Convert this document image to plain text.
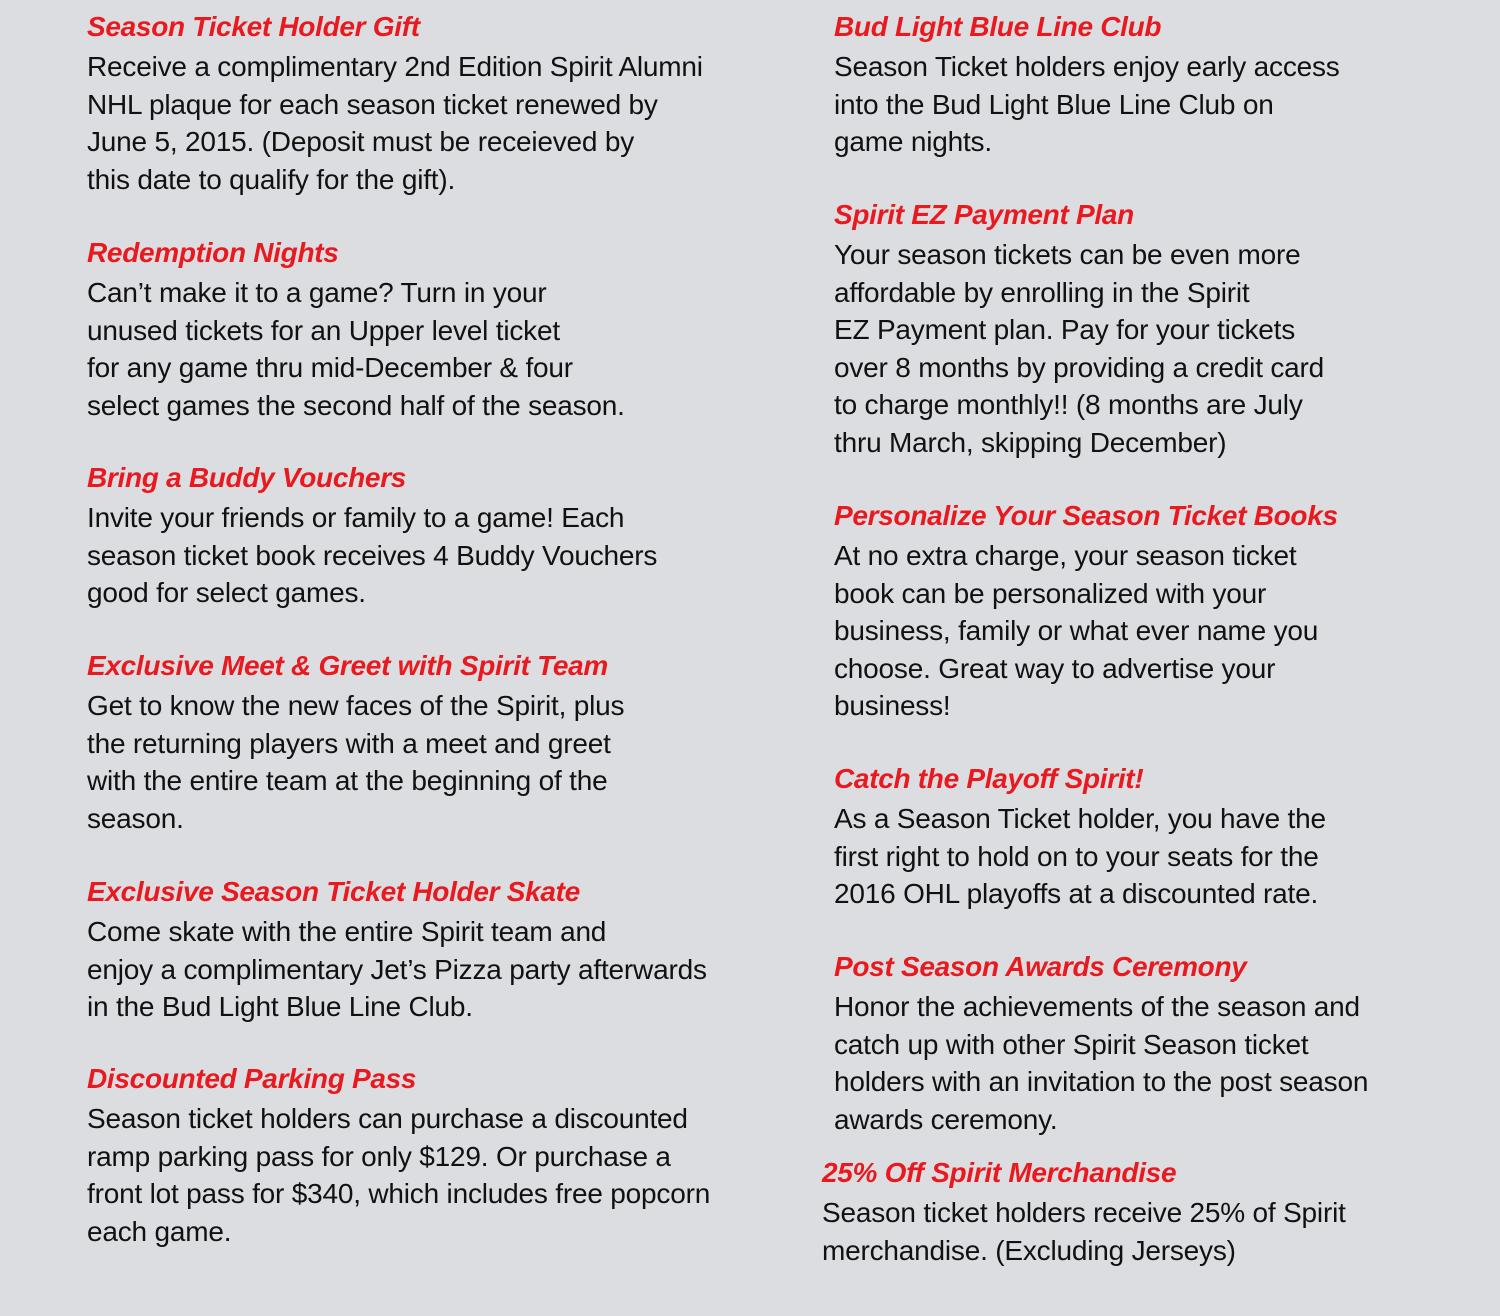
Season Ticket Holder Gift
Receive a complimentary 2nd Edition Spirit Alumni
NHL plaque for each season ticket renewed by
June 5, 2015. (Deposit must be receieved by
this date to qualify for the gift).
Redemption Nights
Can’t make it to a game? Turn in your
unused tickets for an Upper level ticket
for any game thru mid-December & four
select games the second half of the season.
Bring a Buddy Vouchers
Invite your friends or family to a game! Each
season ticket book receives 4 Buddy Vouchers
good for select games.
Exclusive Meet & Greet with Spirit Team
Get to know the new faces of the Spirit, plus
the returning players with a meet and greet
with the entire team at the beginning of the
season.
Exclusive Season Ticket Holder Skate
Come skate with the entire Spirit team and
enjoy a complimentary Jet’s Pizza party afterwards
in the Bud Light Blue Line Club.
Discounted Parking Pass
Season ticket holders can purchase a discounted
ramp parking pass for only $129. Or purchase a
front lot pass for $340, which includes free popcorn
each game.
Bud Light Blue Line Club
Season Ticket holders enjoy early access
into the Bud Light Blue Line Club on
game nights.
Spirit EZ Payment Plan
Your season tickets can be even more
affordable by enrolling in the Spirit
EZ Payment plan. Pay for your tickets
over 8 months by providing a credit card
to charge monthly!! (8 months are July
thru March, skipping December)
Personalize Your Season Ticket Books
At no extra charge, your season ticket
book can be personalized with your
business, family or what ever name you
choose. Great way to advertise your
business!
Catch the Playoff Spirit!
As a Season Ticket holder, you have the
first right to hold on to your seats for the
2016 OHL playoffs at a discounted rate.
Post Season Awards Ceremony
Honor the achievements of the season and
catch up with other Spirit Season ticket
holders with an invitation to the post season
awards ceremony.
25% Off Spirit Merchandise
Season ticket holders receive 25% of Spirit
merchandise. (Excluding Jerseys)
